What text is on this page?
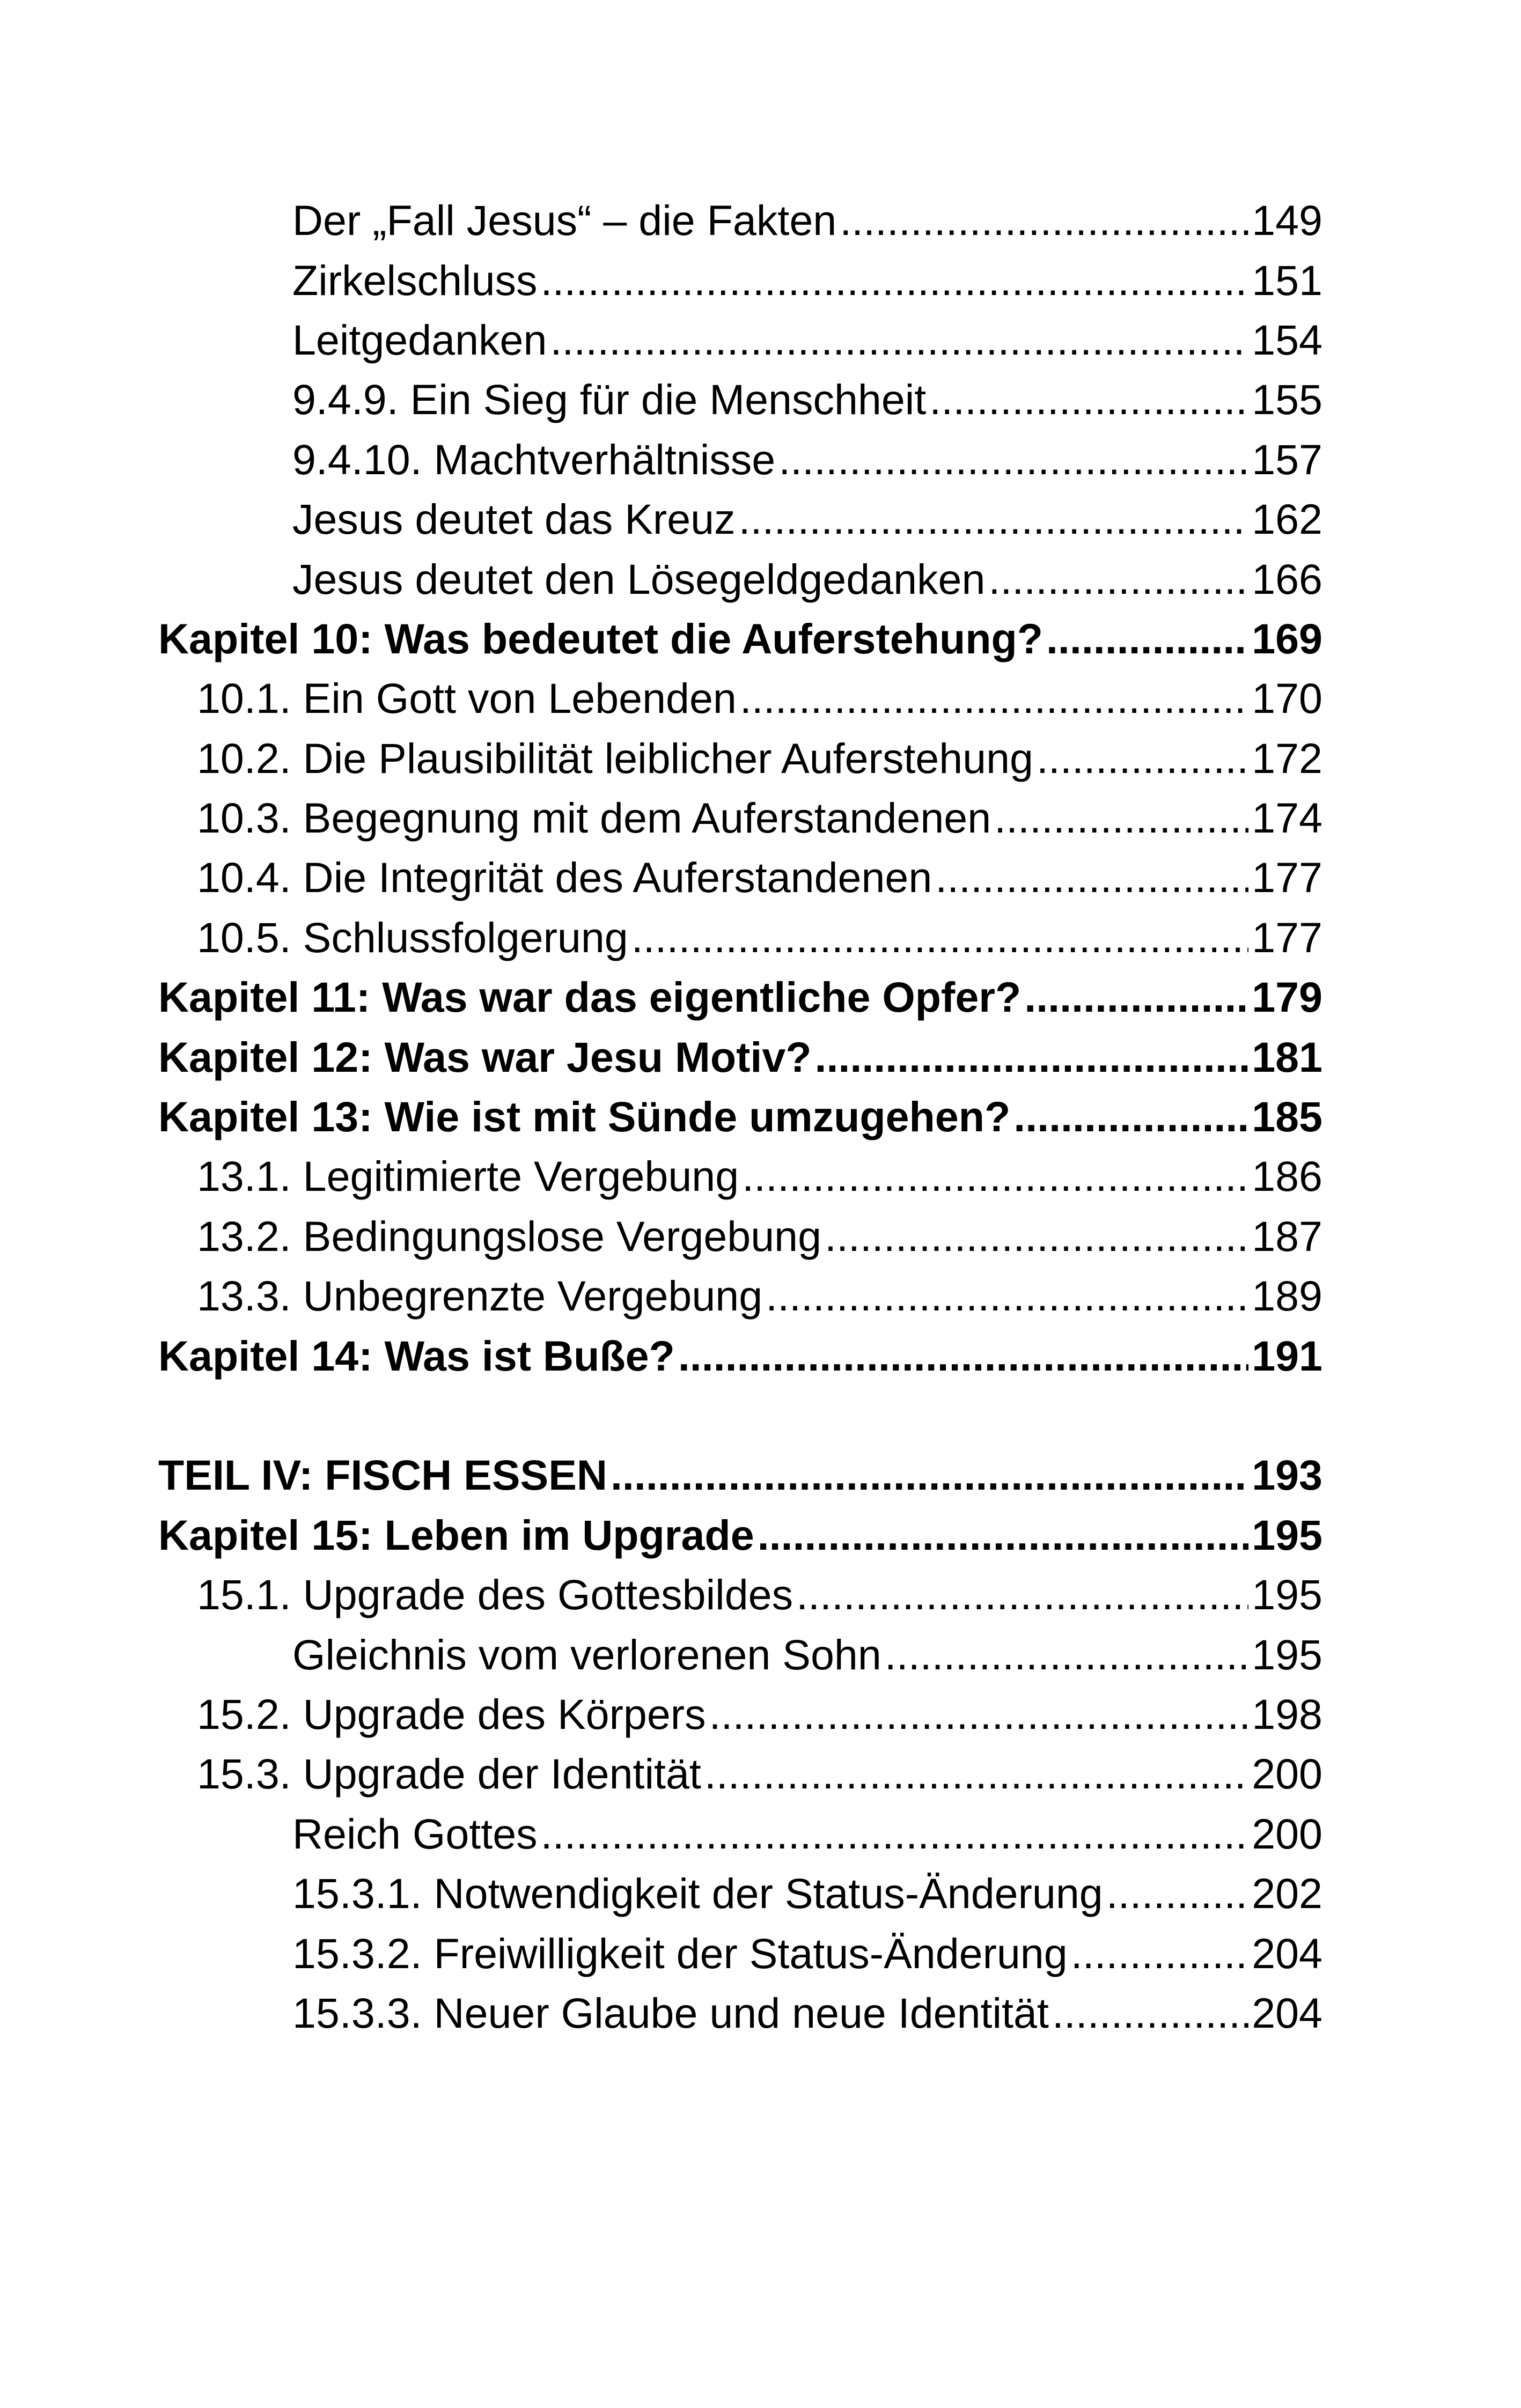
Der „Fall Jesus“ – die Fakten .....	149
Zirkelschluss .....	151
Leitgedanken .....	154
9.4.9. Ein Sieg für die Menschheit .....	155
9.4.10. Machtverhältnisse .....	157
Jesus deutet das Kreuz .....	162
Jesus deutet den Lösegeldgedanken .....	166
Kapitel 10: Was bedeutet die Auferstehung? .....	169
10.1. Ein Gott von Lebenden .....	170
10.2. Die Plausibilität leiblicher Auferstehung .....	172
10.3. Begegnung mit dem Auferstandenen .....	174
10.4. Die Integrität des Auferstandenen .....	177
10.5. Schlussfolgerung .....	177
Kapitel 11: Was war das eigentliche Opfer? .....	179
Kapitel 12: Was war Jesu Motiv? .....	181
Kapitel 13: Wie ist mit Sünde umzugehen? .....	185
13.1. Legitimierte Vergebung .....	186
13.2. Bedingungslose Vergebung .....	187
13.3. Unbegrenzte Vergebung .....	189
Kapitel 14: Was ist Buße? .....	191
TEIL IV: FISCH ESSEN .....	193
Kapitel 15: Leben im Upgrade .....	195
15.1. Upgrade des Gottesbildes .....	195
Gleichnis vom verlorenen Sohn .....	195
15.2. Upgrade des Körpers .....	198
15.3. Upgrade der Identität .....	200
Reich Gottes .....	200
15.3.1. Notwendigkeit der Status-Änderung .....	202
15.3.2. Freiwilligkeit der Status-Änderung .....	204
15.3.3. Neuer Glaube und neue Identität .....	204
